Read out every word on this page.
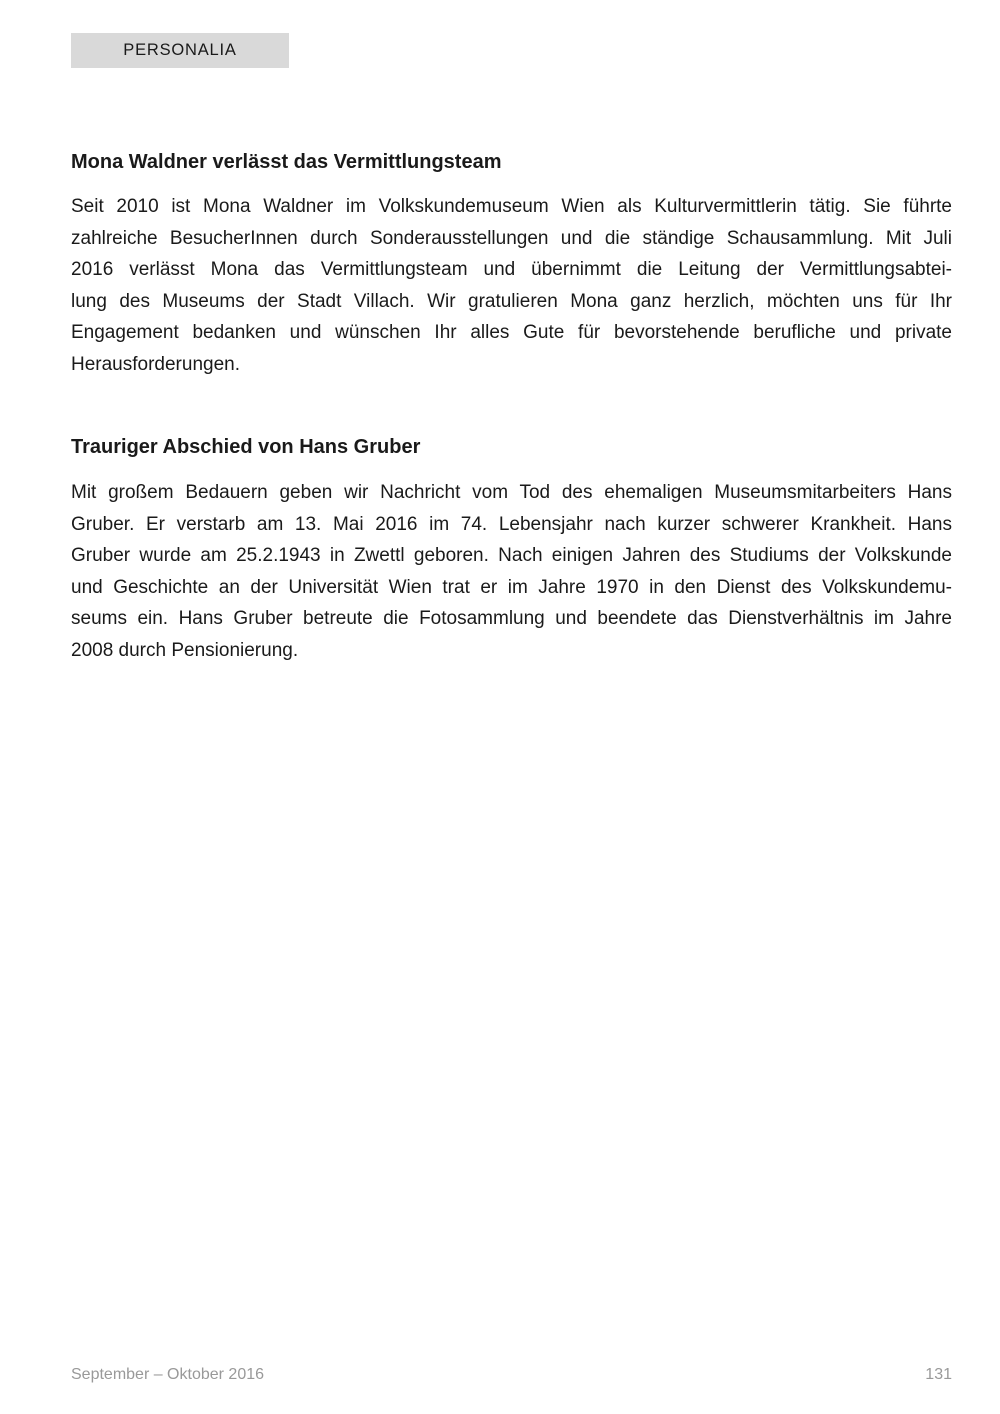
PERSONALIA
Mona Waldner verlässt das Vermittlungsteam
Seit 2010 ist Mona Waldner im Volkskundemuseum Wien als Kulturvermittlerin tätig. Sie führte
zahlreiche BesucherInnen durch Sonderausstellungen und die ständige Schausammlung. Mit Juli
2016 verlässt Mona das Vermittlungsteam und übernimmt die Leitung der Vermittlungsabtei-
lung des Museums der Stadt Villach. Wir gratulieren Mona ganz herzlich, möchten uns für Ihr
Engagement bedanken und wünschen Ihr alles Gute für bevorstehende berufliche und private
Herausforderungen.
Trauriger Abschied von Hans Gruber
Mit großem Bedauern geben wir Nachricht vom Tod des ehemaligen Museumsmitarbeiters Hans
Gruber. Er verstarb am 13. Mai 2016 im 74. Lebensjahr nach kurzer schwerer Krankheit. Hans
Gruber wurde am 25.2.1943 in Zwettl geboren. Nach einigen Jahren des Studiums der Volkskunde
und Geschichte an der Universität Wien trat er im Jahre 1970 in den Dienst des Volkskundemu-
seums ein. Hans Gruber betreute die Fotosammlung und beendete das Dienstverhältnis im Jahre
2008 durch Pensionierung.
September – Oktober 2016	131
